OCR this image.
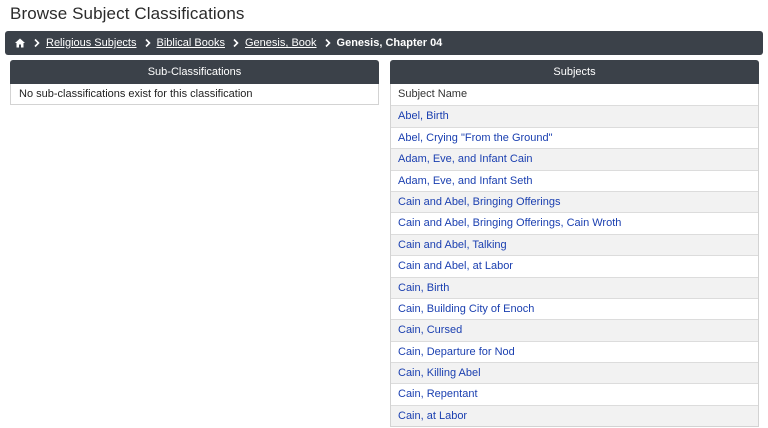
Browse Subject Classifications
Religious Subjects Biblical Books Genesis, Book Genesis, Chapter 04
Sub-Classifications
No sub-classifications exist for this classification
Subjects
Subject Name
Abel, Birth
Abel, Crying "From the Ground"
Adam, Eve, and Infant Cain
Adam, Eve, and Infant Seth
Cain and Abel, Bringing Offerings
Cain and Abel, Bringing Offerings, Cain Wroth
Cain and Abel, Talking
Cain and Abel, at Labor
Cain, Birth
Cain, Building City of Enoch
Cain, Cursed
Cain, Departure for Nod
Cain, Killing Abel
Cain, Repentant
Cain, at Labor
